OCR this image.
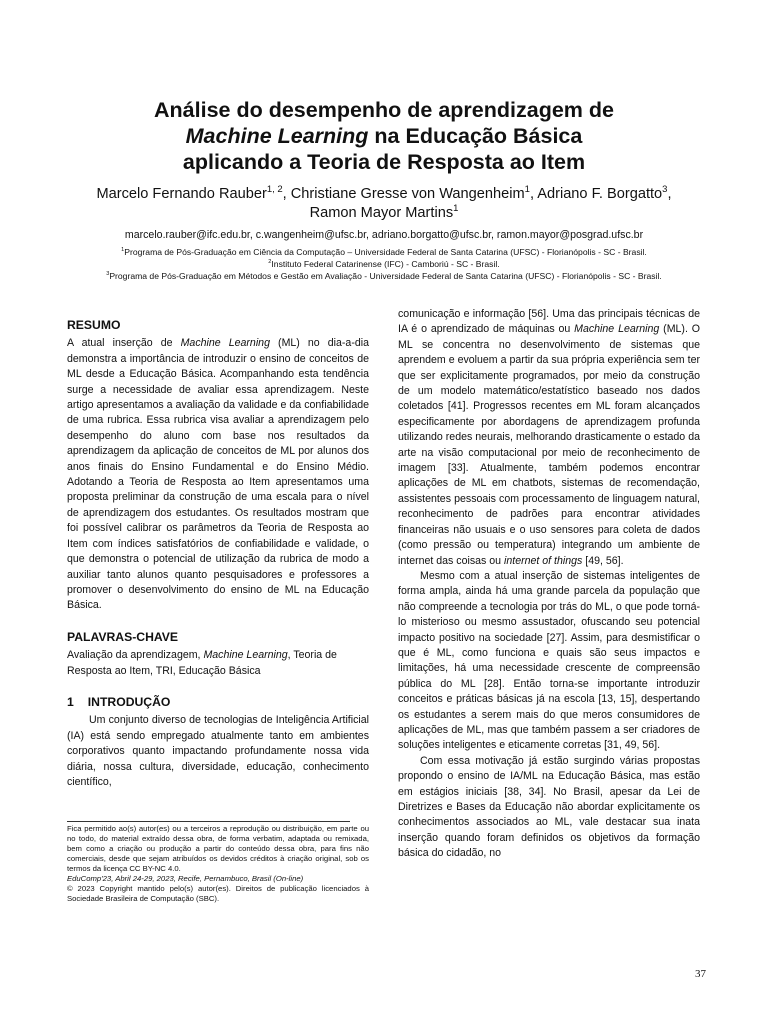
Análise do desempenho de aprendizagem de
Machine Learning na Educação Básica
aplicando a Teoria de Resposta ao Item
Marcelo Fernando Rauber$^{1, 2}$, Christiane Gresse von Wangenheim$^1$, Adriano F. Borgatto$^3$,
Ramon Mayor Martins$^1$
marcelo.rauber@ifc.edu.br, c.wangenheim@ufsc.br, adriano.borgatto@ufsc.br, ramon.mayor@posgrad.ufsc.br
$^1$Programa de Pós-Graduação em Ciência da Computação – Universidade Federal de Santa Catarina (UFSC) - Florianópolis - SC - Brasil.
$^2$Instituto Federal Catarinense (IFC) - Camboriú - SC - Brasil.
$^3$Programa de Pós-Graduação em Métodos e Gestão em Avaliação - Universidade Federal de Santa Catarina (UFSC) - Florianópolis - SC - Brasil.
RESUMO

A atual inserção de Machine Learning (ML) no dia-a-dia demonstra a importância de introduzir o ensino de conceitos de ML desde a Educação Básica. Acompanhando esta tendência surge a necessidade de avaliar essa aprendizagem. Neste artigo apresentamos a avaliação da validade e da confiabilidade de uma rubrica. Essa rubrica visa avaliar a aprendizagem pelo desempenho do aluno com base nos resultados da aprendizagem da aplicação de conceitos de ML por alunos dos anos finais do Ensino Fundamental e do Ensino Médio. Adotando a Teoria de Resposta ao Item apresentamos uma proposta preliminar da construção de uma escala para o nível de aprendizagem dos estudantes. Os resultados mostram que foi possível calibrar os parâmetros da Teoria de Resposta ao Item com índices satisfatórios de confiabilidade e validade, o que demonstra o potencial de utilização da rubrica de modo a auxiliar tanto alunos quanto pesquisadores e professores a promover o desenvolvimento do ensino de ML na Educação Básica.

PALAVRAS-CHAVE

Avaliação da aprendizagem, Machine Learning, Teoria de Resposta ao Item, TRI, Educação Básica

1 INTRODUÇÃO

Um conjunto diverso de tecnologias de Inteligência Artificial (IA) está sendo empregado atualmente tanto em ambientes corporativos quanto impactando profundamente nossa vida diária, nossa cultura, diversidade, educação, conhecimento científico,

Fica permitido ao(s) autor(es) ou a terceiros a reprodução ou distribuição, em parte ou no todo, do material extraído dessa obra, de forma verbatim, adaptada ou remixada, bem como a criação ou produção a partir do conteúdo dessa obra, para fins não comerciais, desde que sejam atribuídos os devidos créditos à criação original, sob os termos da licença CC BY-NC 4.0.
EduComp'23, Abril 24-29, 2023, Recife, Pernambuco, Brasil (On-line)
© 2023 Copyright mantido pelo(s) autor(es). Direitos de publicação licenciados à Sociedade Brasileira de Computação (SBC).

comunicação e informação [56]. Uma das principais técnicas de IA é o aprendizado de máquinas ou Machine Learning (ML). O ML se concentra no desenvolvimento de sistemas que aprendem e evoluem a partir da sua própria experiência sem ter que ser explicitamente programados, por meio da construção de um modelo matemático/estatístico baseado nos dados coletados [41]. Progressos recentes em ML foram alcançados especificamente por abordagens de aprendizagem profunda utilizando redes neurais, melhorando drasticamente o estado da arte na visão computacional por meio de reconhecimento de imagem [33]. Atualmente, também podemos encontrar aplicações de ML em chatbots, sistemas de recomendação, assistentes pessoais com processamento de linguagem natural, reconhecimento de padrões para encontrar atividades financeiras não usuais e o uso sensores para coleta de dados (como pressão ou temperatura) integrando um ambiente de internet das coisas ou internet of things [49, 56].

Mesmo com a atual inserção de sistemas inteligentes de forma ampla, ainda há uma grande parcela da população que não compreende a tecnologia por trás do ML, o que pode torná-lo misterioso ou mesmo assustador, ofuscando seu potencial impacto positivo na sociedade [27]. Assim, para desmistificar o que é ML, como funciona e quais são seus impactos e limitações, há uma necessidade crescente de compreensão pública do ML [28]. Então torna-se importante introduzir conceitos e práticas básicas já na escola [13, 15], despertando os estudantes a serem mais do que meros consumidores de aplicações de ML, mas que também passem a ser criadores de soluções inteligentes e eticamente corretas [31, 49, 56].

Com essa motivação já estão surgindo várias propostas propondo o ensino de IA/ML na Educação Básica, mas estão em estágios iniciais [38, 34]. No Brasil, apesar da Lei de Diretrizes e Bases da Educação não abordar explicitamente os conhecimentos associados ao ML, vale destacar sua inata inserção quando foram definidos os objetivos da formação básica do cidadão, no

37
